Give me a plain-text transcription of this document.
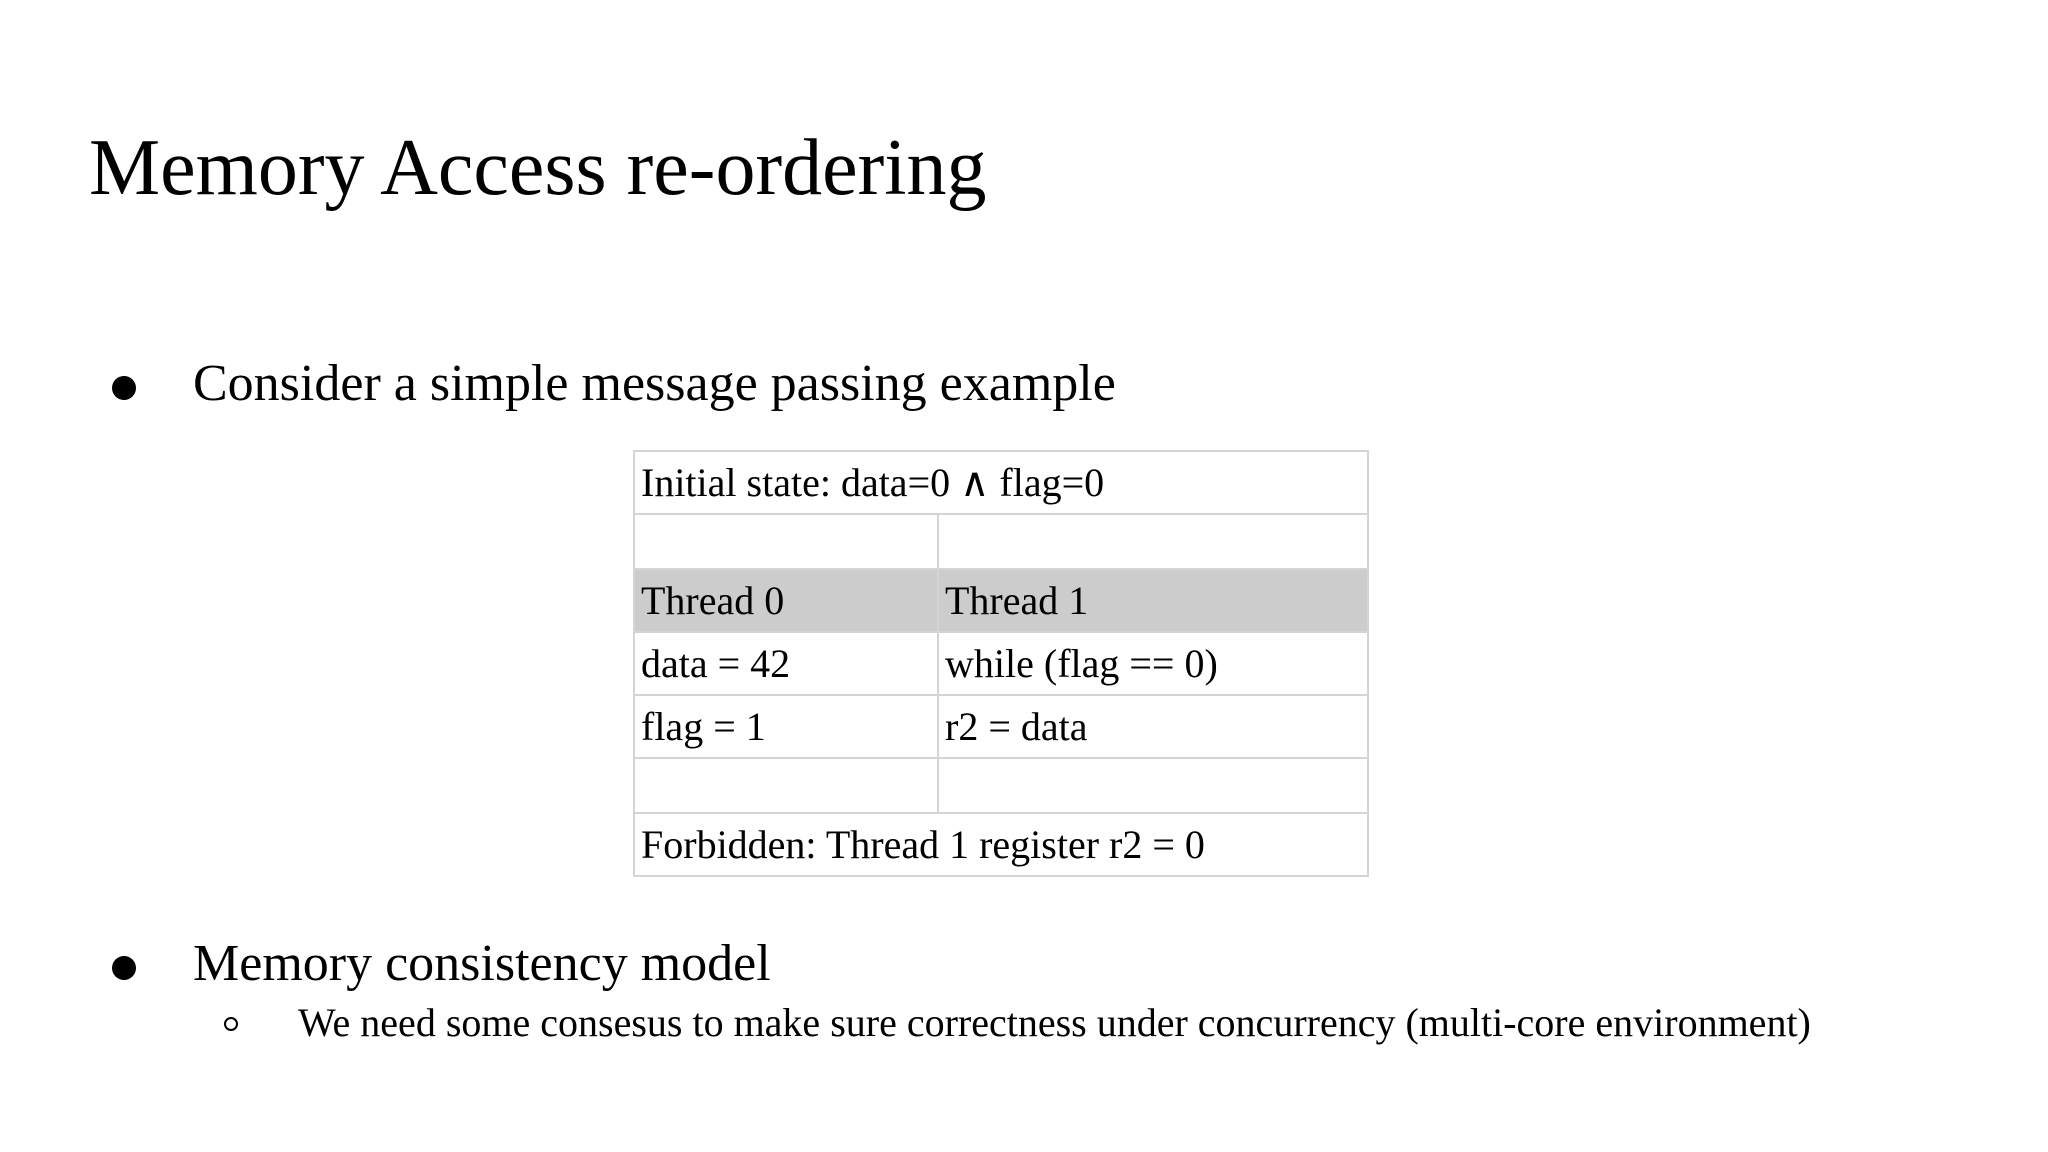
Memory Access re-ordering
Consider a simple message passing example
Initial state: data=0 ∧ flag=0	

Thread 0	Thread 1
data = 42	while (flag == 0)
flag = 1	r2 = data

Forbidden: Thread 1 register r2 = 0	
Memory consistency model
We need some consesus to make sure correctness under concurrency (multi-core environment)
